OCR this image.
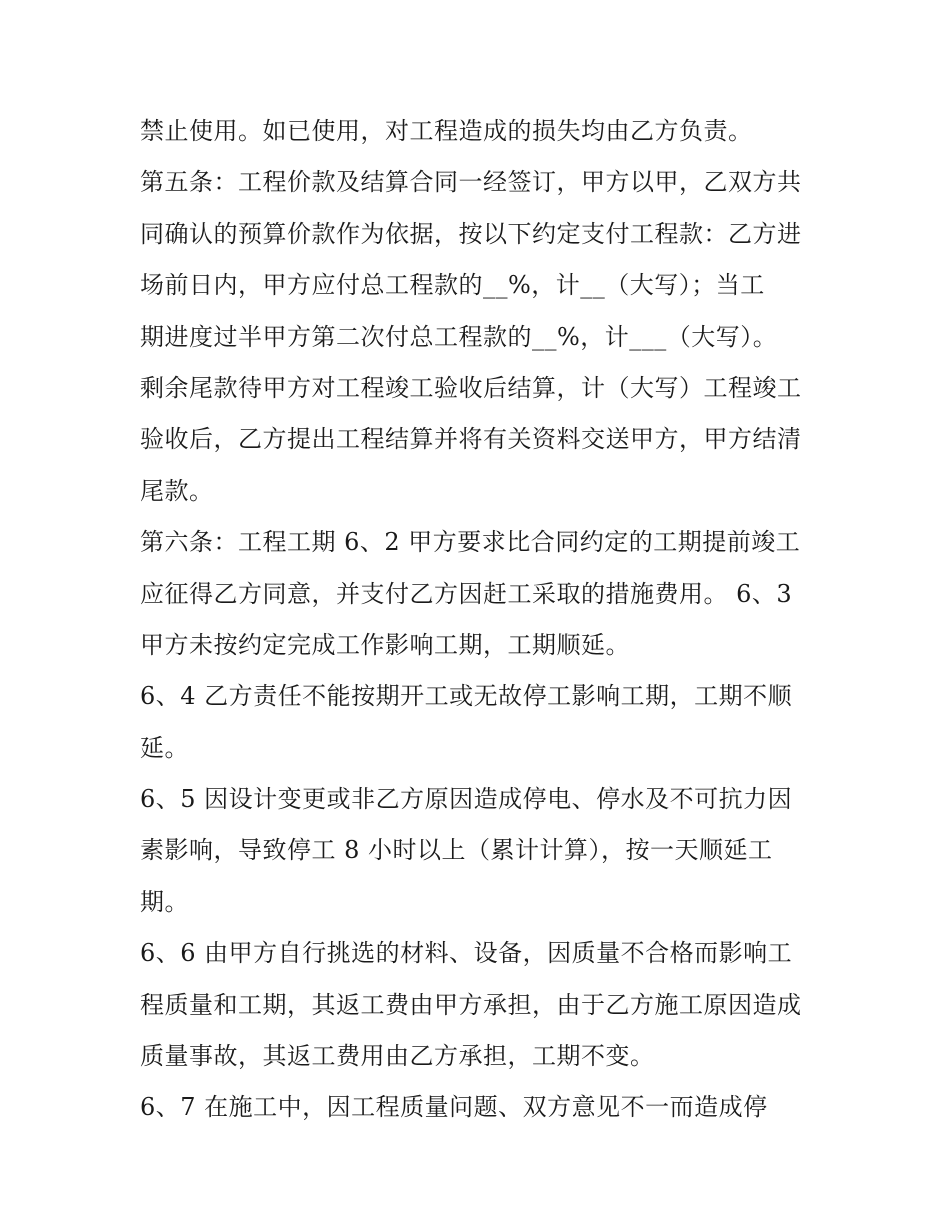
禁止使用。如已使用，对工程造成的损失均由乙方负责。
第五条：工程价款及结算合同一经签订，甲方以甲，乙双方共
同确认的预算价款作为依据，按以下约定支付工程款：乙方进
场前日内，甲方应付总工程款的__%，计__（大写）；当工
期进度过半甲方第二次付总工程款的__%，计___（大写）。
剩余尾款待甲方对工程竣工验收后结算，计（大写）工程竣工
验收后，乙方提出工程结算并将有关资料交送甲方，甲方结清
尾款。
第六条：工程工期 6、2 甲方要求比合同约定的工期提前竣工
应征得乙方同意，并支付乙方因赶工采取的措施费用。 6、3
甲方未按约定完成工作影响工期，工期顺延。
6、4 乙方责任不能按期开工或无故停工影响工期，工期不顺
延。
6、5 因设计变更或非乙方原因造成停电、停水及不可抗力因
素影响，导致停工 8 小时以上（累计计算），按一天顺延工
期。
6、6 由甲方自行挑选的材料、设备，因质量不合格而影响工
程质量和工期，其返工费由甲方承担，由于乙方施工原因造成
质量事故，其返工费用由乙方承担，工期不变。
6、7 在施工中，因工程质量问题、双方意见不一而造成停
